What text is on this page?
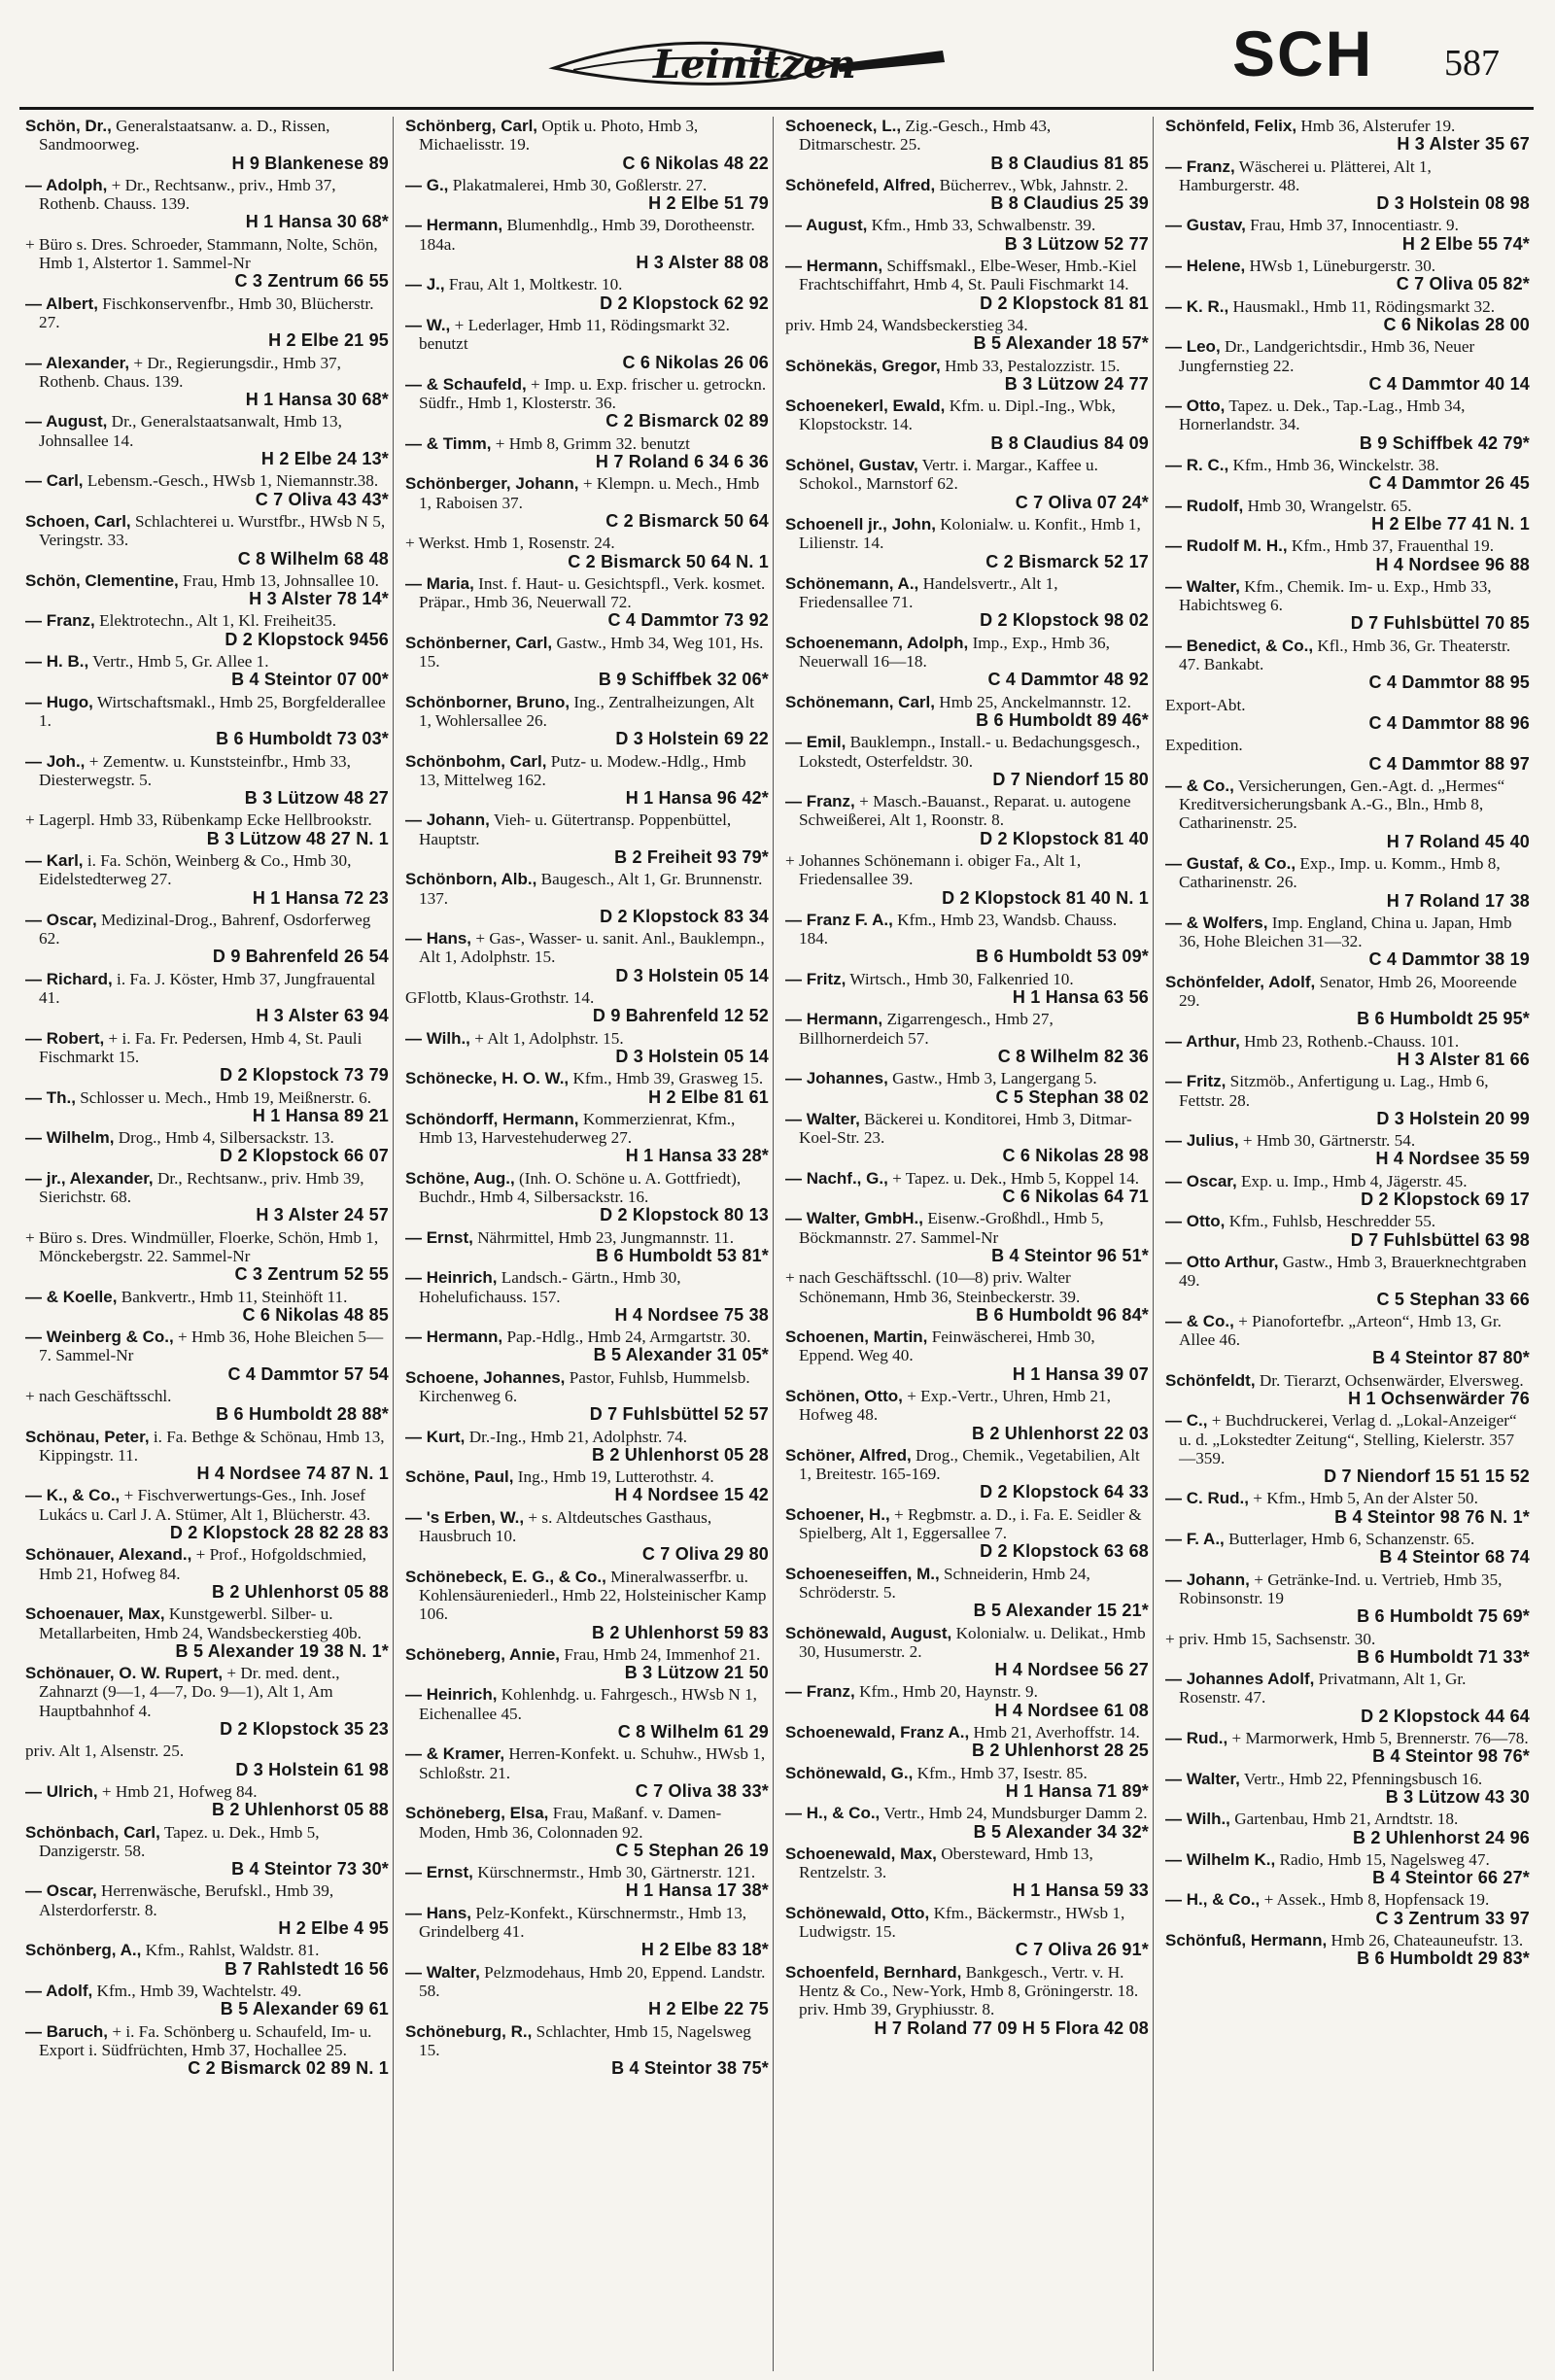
Leinitzen	SCH 587
Schön, Dr., Generalstaatsanw. a. D., Rissen, Sandmoorweg.
H 9 Blankenese 89
— Adolph, + Dr., Rechtsanw., priv., Hmb 37, Rothenb. Chauss. 139.
H 1 Hansa 30 68*
+ Büro s. Dres. Schroeder, Stammann, Nolte, Schön, Hmb 1, Alstertor 1. Sammel-Nr
C 3 Zentrum 66 55
— Albert, Fischkonservenfbr., Hmb 30, Blücherstr. 27.
H 2 Elbe 21 95
— Alexander, + Dr., Regierungsdir., Hmb 37, Rothenb. Chaus. 139.
H 1 Hansa 30 68*
— August, Dr., Generalstaatsanwalt, Hmb 13, Johnsallee 14.
H 2 Elbe 24 13*
— Carl, Lebensm.-Gesch., HWsb 1, Niemannstr.38.
C 7 Oliva 43 43*
Schoen, Carl, Schlachterei u. Wurstfbr., HWsb N 5, Veringstr. 33.
C 8 Wilhelm 68 48
Schön, Clementine, Frau, Hmb 13, Johnsallee 10.
H 3 Alster 78 14*
— Franz, Elektrotechn., Alt 1, Kl. Freiheit35.
D 2 Klopstock 9456
— H. B., Vertr., Hmb 5, Gr. Allee 1.
B 4 Steintor 07 00*
— Hugo, Wirtschaftsmakl., Hmb 25, Borgfelderallee 1.
B 6 Humboldt 73 03*
— Joh., + Zementw. u. Kunststeinfbr., Hmb 33, Diesterwegstr. 5.
B 3 Lützow 48 27
+ Lagerpl. Hmb 33, Rübenkamp Ecke Hellbrookstr.
B 3 Lützow 48 27 N. 1
— Karl, i. Fa. Schön, Weinberg & Co., Hmb 30, Eidelstedterweg 27.
H 1 Hansa 72 23
— Oscar, Medizinal-Drog., Bahrenf, Osdorferweg 62.
D 9 Bahrenfeld 26 54
— Richard, i. Fa. J. Köster, Hmb 37, Jungfrauental 41.
H 3 Alster 63 94
— Robert, + i. Fa. Fr. Pedersen, Hmb 4, St. Pauli Fischmarkt 15.
D 2 Klopstock 73 79
— Th., Schlosser u. Mech., Hmb 19, Meißnerstr. 6.
H 1 Hansa 89 21
— Wilhelm, Drog., Hmb 4, Silbersackstr. 13.
D 2 Klopstock 66 07
— jr., Alexander, Dr., Rechtsanw., priv. Hmb 39, Sierichstr. 68.
H 3 Alster 24 57
+ Büro s. Dres. Windmüller, Floerke, Schön, Hmb 1, Mönckebergstr. 22. Sammel-Nr
C 3 Zentrum 52 55
— & Koelle, Bankvertr., Hmb 11, Steinhöft 11.
C 6 Nikolas 48 85
— Weinberg & Co., + Hmb 36, Hohe Bleichen 5—7. Sammel-Nr
C 4 Dammtor 57 54
+ nach Geschäftsschl.
B 6 Humboldt 28 88*
Schönau, Peter, i. Fa. Bethge & Schönau, Hmb 13, Kippingstr. 11.
H 4 Nordsee 74 87 N. 1
— K., & Co., + Fischverwertungs-Ges., Inh. Josef Lukács u. Carl J. A. Stümer, Alt 1, Blücherstr. 43.
D 2 Klopstock 28 82 28 83
Schönauer, Alexand., + Prof., Hofgoldschmied, Hmb 21, Hofweg 84.
B 2 Uhlenhorst 05 88
Schoenauer, Max, Kunstgewerbl. Silber- u. Metallarbeiten, Hmb 24, Wandsbeckerstieg 40b.
B 5 Alexander 19 38 N. 1*
Schönauer, O. W. Rupert, + Dr. med. dent., Zahnarzt (9—1, 4—7, Do. 9—1), Alt 1, Am Hauptbahnhof 4.
D 2 Klopstock 35 23
priv. Alt 1, Alsenstr. 25.
D 3 Holstein 61 98
— Ulrich, + Hmb 21, Hofweg 84.
B 2 Uhlenhorst 05 88
Schönbach, Carl, Tapez. u. Dek., Hmb 5, Danzigerstr. 58.
B 4 Steintor 73 30*
— Oscar, Herrenwäsche, Berufskl., Hmb 39, Alsterdorferstr. 8.
H 2 Elbe 4 95
Schönberg, A., Kfm., Rahlst, Waldstr. 81.
B 7 Rahlstedt 16 56
— Adolf, Kfm., Hmb 39, Wachtelstr. 49.
B 5 Alexander 69 61
— Baruch, + i. Fa. Schönberg u. Schaufeld, Im- u. Export i. Südfrüchten, Hmb 37, Hochallee 25.
C 2 Bismarck 02 89 N. 1
Schönberg, Carl, Optik u. Photo, Hmb 3, Michaelisstr. 19.
C 6 Nikolas 48 22
— G., Plakatmalerei, Hmb 30, Goßlerstr. 27.
H 2 Elbe 51 79
— Hermann, Blumenhdlg., Hmb 39, Dorotheenstr. 184a.
H 3 Alster 88 08
— J., Frau, Alt 1, Moltkestr. 10.
D 2 Klopstock 62 92
— W., + Lederlager, Hmb 11, Rödingsmarkt 32. benutzt
C 6 Nikolas 26 06
— & Schaufeld, + Imp. u. Exp. frischer u. getrockn. Südfr., Hmb 1, Klosterstr. 36.
C 2 Bismarck 02 89
— & Timm, + Hmb 8, Grimm 32. benutzt
H 7 Roland 6 34 6 36
Schönberger, Johann, + Klempn. u. Mech., Hmb 1, Raboisen 37.
C 2 Bismarck 50 64
+ Werkst. Hmb 1, Rosenstr. 24.
C 2 Bismarck 50 64 N. 1
— Maria, Inst. f. Haut- u. Gesichtspfl., Verk. kosmet. Präpar., Hmb 36, Neuerwall 72.
C 4 Dammtor 73 92
Schönberner, Carl, Gastw., Hmb 34, Weg 101, Hs. 15.
B 9 Schiffbek 32 06*
Schönborner, Bruno, Ing., Zentralheizungen, Alt 1, Wohlersallee 26.
D 3 Holstein 69 22
Schönbohm, Carl, Putz- u. Modew.-Hdlg., Hmb 13, Mittelweg 162.
H 1 Hansa 96 42*
— Johann, Vieh- u. Gütertransp. Poppenbüttel, Hauptstr.
B 2 Freiheit 93 79*
Schönborn, Alb., Baugesch., Alt 1, Gr. Brunnenstr. 137.
D 2 Klopstock 83 34
— Hans, + Gas-, Wasser- u. sanit. Anl., Bauklempn., Alt 1, Adolphstr. 15.
D 3 Holstein 05 14
GFlottb, Klaus-Grothstr. 14.
D 9 Bahrenfeld 12 52
— Wilh., + Alt 1, Adolphstr. 15.
D 3 Holstein 05 14
Schönecke, H. O. W., Kfm., Hmb 39, Grasweg 15.
H 2 Elbe 81 61
Schöndorff, Hermann, Kommerzienrat, Kfm., Hmb 13, Harvestehuderweg 27.
H 1 Hansa 33 28*
Schöne, Aug., (Inh. O. Schöne u. A. Gottfriedt), Buchdr., Hmb 4, Silbersackstr. 16.
D 2 Klopstock 80 13
— Ernst, Nährmittel, Hmb 23, Jungmannstr. 11.
B 6 Humboldt 53 81*
— Heinrich, Landsch.- Gärtn., Hmb 30, Hohelufichauss. 157.
H 4 Nordsee 75 38
— Hermann, Pap.-Hdlg., Hmb 24, Armgartstr. 30.
B 5 Alexander 31 05*
Schoene, Johannes, Pastor, Fuhlsb, Hummelsb. Kirchenweg 6.
D 7 Fuhlsbüttel 52 57
— Kurt, Dr.-Ing., Hmb 21, Adolphstr. 74.
B 2 Uhlenhorst 05 28
Schöne, Paul, Ing., Hmb 19, Lutterothstr. 4.
H 4 Nordsee 15 42
— 's Erben, W., + s. Altdeutsches Gasthaus, Hausbruch 10.
C 7 Oliva 29 80
Schönebeck, E. G., & Co., Mineralwasserfbr. u. Kohlensäureniederl., Hmb 22, Holsteinischer Kamp 106.
B 2 Uhlenhorst 59 83
Schöneberg, Annie, Frau, Hmb 24, Immenhof 21.
B 3 Lützow 21 50
— Heinrich, Kohlenhdg. u. Fahrgesch., HWsb N 1, Eichenallee 45.
C 8 Wilhelm 61 29
— & Kramer, Herren-Konfekt. u. Schuhw., HWsb 1, Schloßstr. 21.
C 7 Oliva 38 33*
Schöneberg, Elsa, Frau, Maßanf. v. Damen-Moden, Hmb 36, Colonnaden 92.
C 5 Stephan 26 19
— Ernst, Kürschnermstr., Hmb 30, Gärtnerstr. 121.
H 1 Hansa 17 38*
— Hans, Pelz-Konfekt., Kürschnermstr., Hmb 13, Grindelberg 41.
H 2 Elbe 83 18*
— Walter, Pelzmodehaus, Hmb 20, Eppend. Landstr. 58.
H 2 Elbe 22 75
Schöneburg, R., Schlachter, Hmb 15, Nagelsweg 15.
B 4 Steintor 38 75*
Schoeneck, L., Zig.-Gesch., Hmb 43, Ditmarschestr. 25.
B 8 Claudius 81 85
Schönefeld, Alfred, Bücherrev., Wbk, Jahnstr. 2.
B 8 Claudius 25 39
— August, Kfm., Hmb 33, Schwalbenstr. 39.
B 3 Lützow 52 77
— Hermann, Schiffsmakl., Elbe-Weser, Hmb.-Kiel Frachtschiffahrt, Hmb 4, St. Pauli Fischmarkt 14.
D 2 Klopstock 81 81
priv. Hmb 24, Wandsbeckerstieg 34.
B 5 Alexander 18 57*
Schönekäs, Gregor, Hmb 33, Pestalozzistr. 15.
B 3 Lützow 24 77
Schoenekerl, Ewald, Kfm. u. Dipl.-Ing., Wbk, Klopstockstr. 14.
B 8 Claudius 84 09
Schönel, Gustav, Vertr. i. Margar., Kaffee u. Schokol., Marnstorf 62.
C 7 Oliva 07 24*
Schoenell jr., John, Kolonialw. u. Konfit., Hmb 1, Lilienstr. 14.
C 2 Bismarck 52 17
Schönemann, A., Handelsvertr., Alt 1, Friedensallee 71.
D 2 Klopstock 98 02
Schoenemann, Adolph, Imp., Exp., Hmb 36, Neuerwall 16—18.
C 4 Dammtor 48 92
Schönemann, Carl, Hmb 25, Anckelmannstr. 12.
B 6 Humboldt 89 46*
— Emil, Bauklempn., Install.- u. Bedachungsgesch., Lokstedt, Osterfeldstr. 30.
D 7 Niendorf 15 80
— Franz, + Masch.-Bauanst., Reparat. u. autogene Schweißerei, Alt 1, Roonstr. 8.
D 2 Klopstock 81 40
+ Johannes Schönemann i. obiger Fa., Alt 1, Friedensallee 39.
D 2 Klopstock 81 40 N. 1
— Franz F. A., Kfm., Hmb 23, Wandsb. Chauss. 184.
B 6 Humboldt 53 09*
— Fritz, Wirtsch., Hmb 30, Falkenried 10.
H 1 Hansa 63 56
— Hermann, Zigarrengesch., Hmb 27, Billhornerdeich 57.
C 8 Wilhelm 82 36
— Johannes, Gastw., Hmb 3, Langergang 5.
C 5 Stephan 38 02
— Walter, Bäckerei u. Konditorei, Hmb 3, Ditmar-Koel-Str. 23.
C 6 Nikolas 28 98
— Nachf., G., + Tapez. u. Dek., Hmb 5, Koppel 14.
C 6 Nikolas 64 71
— Walter, GmbH., Eisenw.-Großhdl., Hmb 5, Böckmannstr. 27. Sammel-Nr
B 4 Steintor 96 51*
+ nach Geschäftsschl. (10—8) priv. Walter Schönemann, Hmb 36, Steinbeckerstr. 39.
B 6 Humboldt 96 84*
Schoenen, Martin, Feinwäscherei, Hmb 30, Eppend. Weg 40.
H 1 Hansa 39 07
Schönen, Otto, + Exp.-Vertr., Uhren, Hmb 21, Hofweg 48.
B 2 Uhlenhorst 22 03
Schöner, Alfred, Drog., Chemik., Vegetabilien, Alt 1, Breitestr. 165-169.
D 2 Klopstock 64 33
Schoener, H., + Regbmstr. a. D., i. Fa. E. Seidler & Spielberg, Alt 1, Eggersallee 7.
D 2 Klopstock 63 68
Schoeneseiffen, M., Schneiderin, Hmb 24, Schröderstr. 5.
B 5 Alexander 15 21*
Schönewald, August, Kolonialw. u. Delikat., Hmb 30, Husumerstr. 2.
H 4 Nordsee 56 27
— Franz, Kfm., Hmb 20, Haynstr. 9.
H 4 Nordsee 61 08
Schoenewald, Franz A., Hmb 21, Averhoffstr. 14.
B 2 Uhlenhorst 28 25
Schönewald, G., Kfm., Hmb 37, Isestr. 85.
H 1 Hansa 71 89*
— H., & Co., Vertr., Hmb 24, Mundsburger Damm 2.
B 5 Alexander 34 32*
Schoenewald, Max, Obersteward, Hmb 13, Rentzelstr. 3.
H 1 Hansa 59 33
Schönewald, Otto, Kfm., Bäckermstr., HWsb 1, Ludwigstr. 15.
C 7 Oliva 26 91*
Schoenfeld, Bernhard, Bankgesch., Vertr. v. H. Hentz & Co., New-York, Hmb 8, Gröningerstr. 18. priv. Hmb 39, Gryphiusstr. 8.
H 7 Roland 77 09 H 5 Flora 42 08
Schönfeld, Felix, Hmb 36, Alsterufer 19.
H 3 Alster 35 67
— Franz, Wäscherei u. Plätterei, Alt 1, Hamburgerstr. 48.
D 3 Holstein 08 98
— Gustav, Frau, Hmb 37, Innocentiastr. 9.
H 2 Elbe 55 74*
— Helene, HWsb 1, Lüneburgerstr. 30.
C 7 Oliva 05 82*
— K. R., Hausmakl., Hmb 11, Rödingsmarkt 32.
C 6 Nikolas 28 00
— Leo, Dr., Landgerichtsdir., Hmb 36, Neuer Jungfernstieg 22.
C 4 Dammtor 40 14
— Otto, Tapez. u. Dek., Tap.-Lag., Hmb 34, Hornerlandstr. 34.
B 9 Schiffbek 42 79*
— R. C., Kfm., Hmb 36, Winckelstr. 38.
C 4 Dammtor 26 45
— Rudolf, Hmb 30, Wrangelstr. 65.
H 2 Elbe 77 41 N. 1
— Rudolf M. H., Kfm., Hmb 37, Frauenthal 19.
H 4 Nordsee 96 88
— Walter, Kfm., Chemik. Im- u. Exp., Hmb 33, Habichtsweg 6.
D 7 Fuhlsbüttel 70 85
— Benedict, & Co., Kfl., Hmb 36, Gr. Theaterstr. 47. Bankabt.
C 4 Dammtor 88 95
Export-Abt.
C 4 Dammtor 88 96
Expedition.
C 4 Dammtor 88 97
— & Co., Versicherungen, Gen.-Agt. d. „Hermes“ Kreditversicherungsbank A.-G., Bln., Hmb 8, Catharinenstr. 25.
H 7 Roland 45 40
— Gustaf, & Co., Exp., Imp. u. Komm., Hmb 8, Catharinenstr. 26.
H 7 Roland 17 38
— & Wolfers, Imp. England, China u. Japan, Hmb 36, Hohe Bleichen 31—32.
C 4 Dammtor 38 19
Schönfelder, Adolf, Senator, Hmb 26, Mooreende 29.
B 6 Humboldt 25 95*
— Arthur, Hmb 23, Rothenb.-Chauss. 101.
H 3 Alster 81 66
— Fritz, Sitzmöb., Anfertigung u. Lag., Hmb 6, Fettstr. 28.
D 3 Holstein 20 99
— Julius, + Hmb 30, Gärtnerstr. 54.
H 4 Nordsee 35 59
— Oscar, Exp. u. Imp., Hmb 4, Jägerstr. 45.
D 2 Klopstock 69 17
— Otto, Kfm., Fuhlsb, Heschredder 55.
D 7 Fuhlsbüttel 63 98
— Otto Arthur, Gastw., Hmb 3, Brauerknechtgraben 49.
C 5 Stephan 33 66
— & Co., + Pianofortefbr. „Arteon“, Hmb 13, Gr. Allee 46.
B 4 Steintor 87 80*
Schönfeldt, Dr. Tierarzt, Ochsenwärder, Elversweg.
H 1 Ochsenwärder 76
— C., + Buchdruckerei, Verlag d. „Lokal-Anzeiger“ u. d. „Lokstedter Zeitung“, Stelling, Kielerstr. 357—359.
D 7 Niendorf 15 51 15 52
— C. Rud., + Kfm., Hmb 5, An der Alster 50.
B 4 Steintor 98 76 N. 1*
— F. A., Butterlager, Hmb 6, Schanzenstr. 65.
B 4 Steintor 68 74
— Johann, + Getränke-Ind. u. Vertrieb, Hmb 35, Robinsonstr. 19
B 6 Humboldt 75 69*
+ priv. Hmb 15, Sachsenstr. 30.
B 6 Humboldt 71 33*
— Johannes Adolf, Privatmann, Alt 1, Gr. Rosenstr. 47.
D 2 Klopstock 44 64
— Rud., + Marmorwerk, Hmb 5, Brennerstr. 76—78.
B 4 Steintor 98 76*
— Walter, Vertr., Hmb 22, Pfenningsbusch 16.
B 3 Lützow 43 30
— Wilh., Gartenbau, Hmb 21, Arndtstr. 18.
B 2 Uhlenhorst 24 96
— Wilhelm K., Radio, Hmb 15, Nagelsweg 47.
B 4 Steintor 66 27*
— H., & Co., + Assek., Hmb 8, Hopfensack 19.
C 3 Zentrum 33 97
Schönfuß, Hermann, Hmb 26, Chateauneufstr. 13.
B 6 Humboldt 29 83*
